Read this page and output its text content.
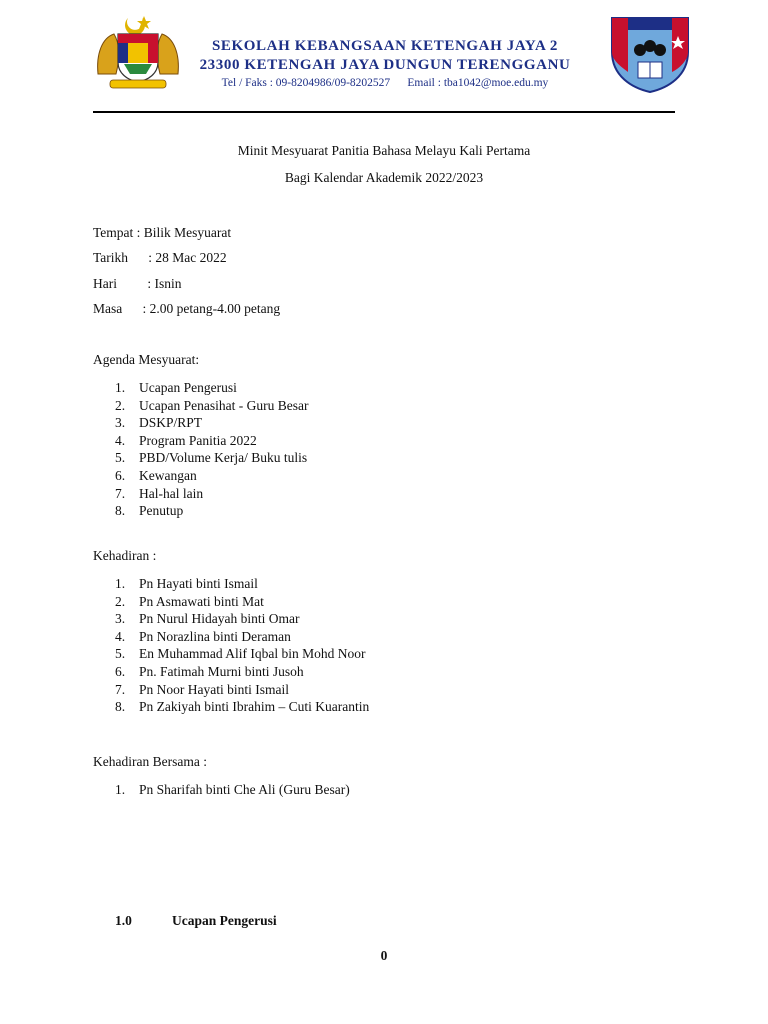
SEKOLAH KEBANGSAAN KETENGAH JAYA 2
23300 KETENGAH JAYA DUNGUN TERENGGANU
Tel / Faks : 09-8204986/09-8202527      Email : tba1042@moe.edu.my
Minit Mesyuarat Panitia Bahasa Melayu Kali Pertama
Bagi Kalendar Akademik 2022/2023
Tempat : Bilik Mesyuarat
Tarikh      : 28 Mac 2022
Hari         : Isnin
Masa      : 2.00 petang-4.00 petang
Agenda Mesyuarat:
1.	Ucapan Pengerusi
2.	Ucapan Penasihat - Guru Besar
3.	DSKP/RPT
4.	Program Panitia 2022
5.	PBD/Volume Kerja/ Buku tulis
6.	Kewangan
7.	Hal-hal lain
8.	Penutup
Kehadiran :
1.	Pn Hayati binti Ismail
2.	Pn Asmawati binti Mat
3.	Pn Nurul Hidayah binti Omar
4.	Pn Norazlina binti Deraman
5.	En Muhammad Alif Iqbal bin Mohd Noor
6.	Pn. Fatimah Murni binti Jusoh
7.	Pn Noor Hayati binti Ismail
8.	Pn Zakiyah binti Ibrahim – Cuti Kuarantin
Kehadiran Bersama :
1.	Pn Sharifah binti Che Ali (Guru Besar)
1.0	Ucapan Pengerusi
0
